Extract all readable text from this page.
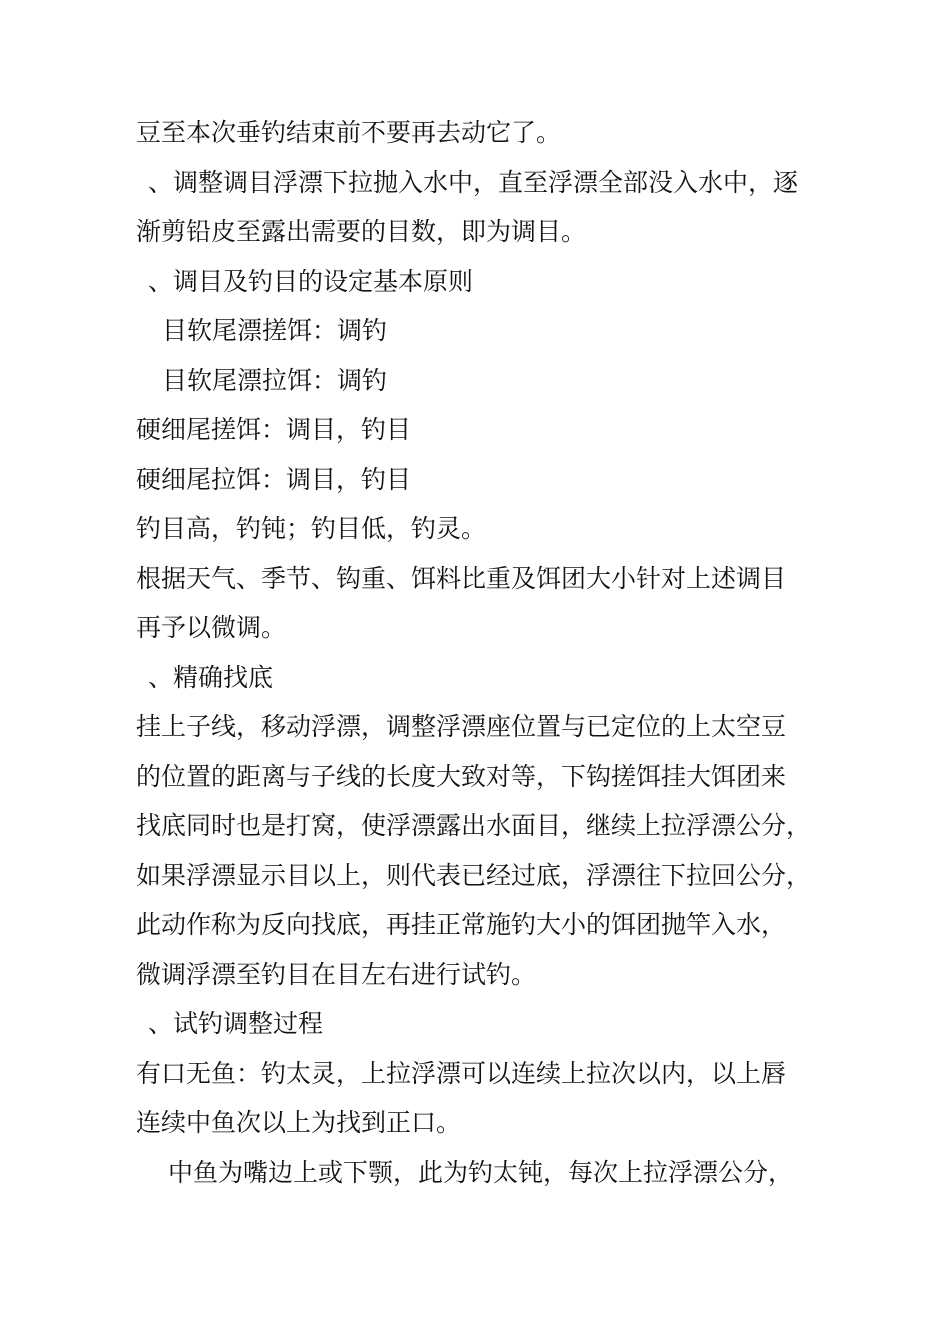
豆至本次垂钓结束前不要再去动它了。
、调整调目浮漂下拉抛入水中，直至浮漂全部没入水中，逐
渐剪铅皮至露出需要的目数，即为调目。
、调目及钓目的设定基本原则
目软尾漂搓饵：调钓
目软尾漂拉饵：调钓
硬细尾搓饵：调目，钓目
硬细尾拉饵：调目，钓目
钓目高，钓钝；钓目低，钓灵。
根据天气、季节、钩重、饵料比重及饵团大小针对上述调目
再予以微调。
、精确找底
挂上子线，移动浮漂，调整浮漂座位置与已定位的上太空豆
的位置的距离与子线的长度大致对等，下钩搓饵挂大饵团来
找底同时也是打窝，使浮漂露出水面目，继续上拉浮漂公分，
如果浮漂显示目以上，则代表已经过底，浮漂往下拉回公分，
此动作称为反向找底，再挂正常施钓大小的饵团抛竿入水，
微调浮漂至钓目在目左右进行试钓。
、试钓调整过程
有口无鱼：钓太灵，上拉浮漂可以连续上拉次以内，以上唇
连续中鱼次以上为找到正口。
中鱼为嘴边上或下颚，此为钓太钝，每次上拉浮漂公分，
